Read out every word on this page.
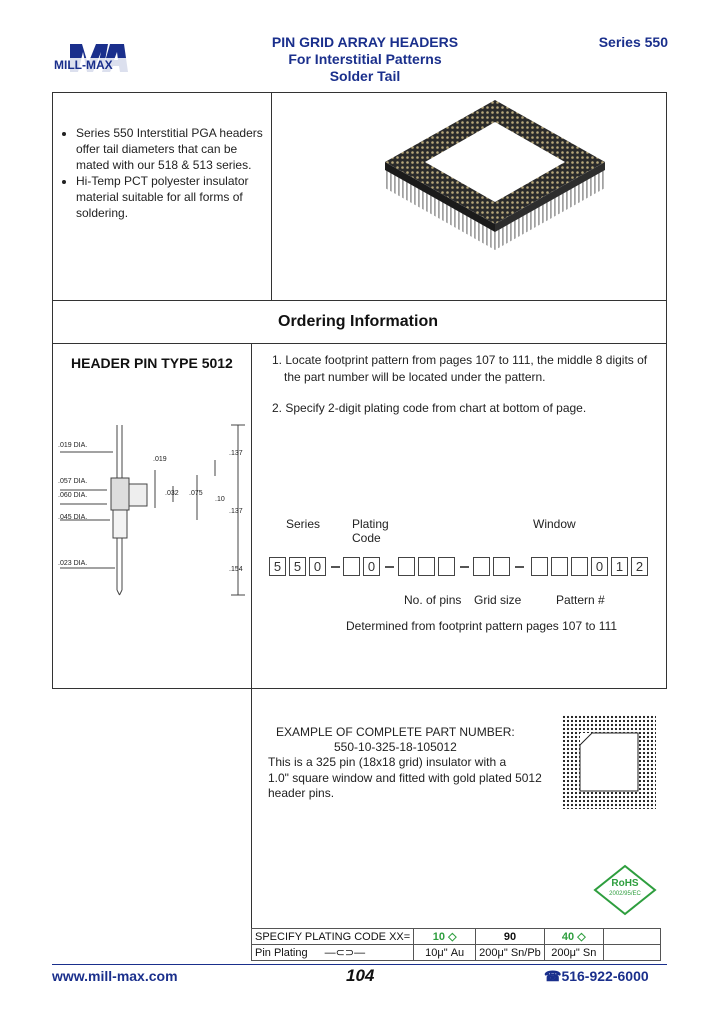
MILL-MAX
PIN GRID ARRAY HEADERS
For Interstitial Patterns
Solder Tail
Series 550
• Series 550 Interstitial PGA headers offer tail diameters that can be mated with our 518 & 513 series.
• Hi-Temp PCT polyester insulator material suitable for all forms of soldering.
Ordering Information
HEADER PIN TYPE 5012
.019 DIA.
.057 DIA.
.060 DIA.
.045 DIA.
.023 DIA.
.137
.137
.154
.019
.032 .075
.10
1. Locate footprint pattern from pages 107 to 111, the middle 8 digits of
the part number will be located under the pattern.
2. Specify 2-digit plating code from chart at bottom of page.
Series	Plating
Code
Window
5 5 0	0	0 1 2
No. of pins Grid size	Pattern #
Determined from footprint pattern pages 107 to 111
EXAMPLE OF COMPLETE PART NUMBER:
550-10-325-18-105012
This is a 325 pin (18x18 grid) insulator with a
1.0" square window and fitted with gold plated 5012
header pins.
RoHS
2002/95/EC
SPECIFY PLATING CODE XX=	10 ◇	90	40 ◇	
Pin Plating —⊂⊃—	10μ" Au	200μ" Sn/Pb	200μ" Sn	
www.mill-max.com	104	☎516-922-6000
